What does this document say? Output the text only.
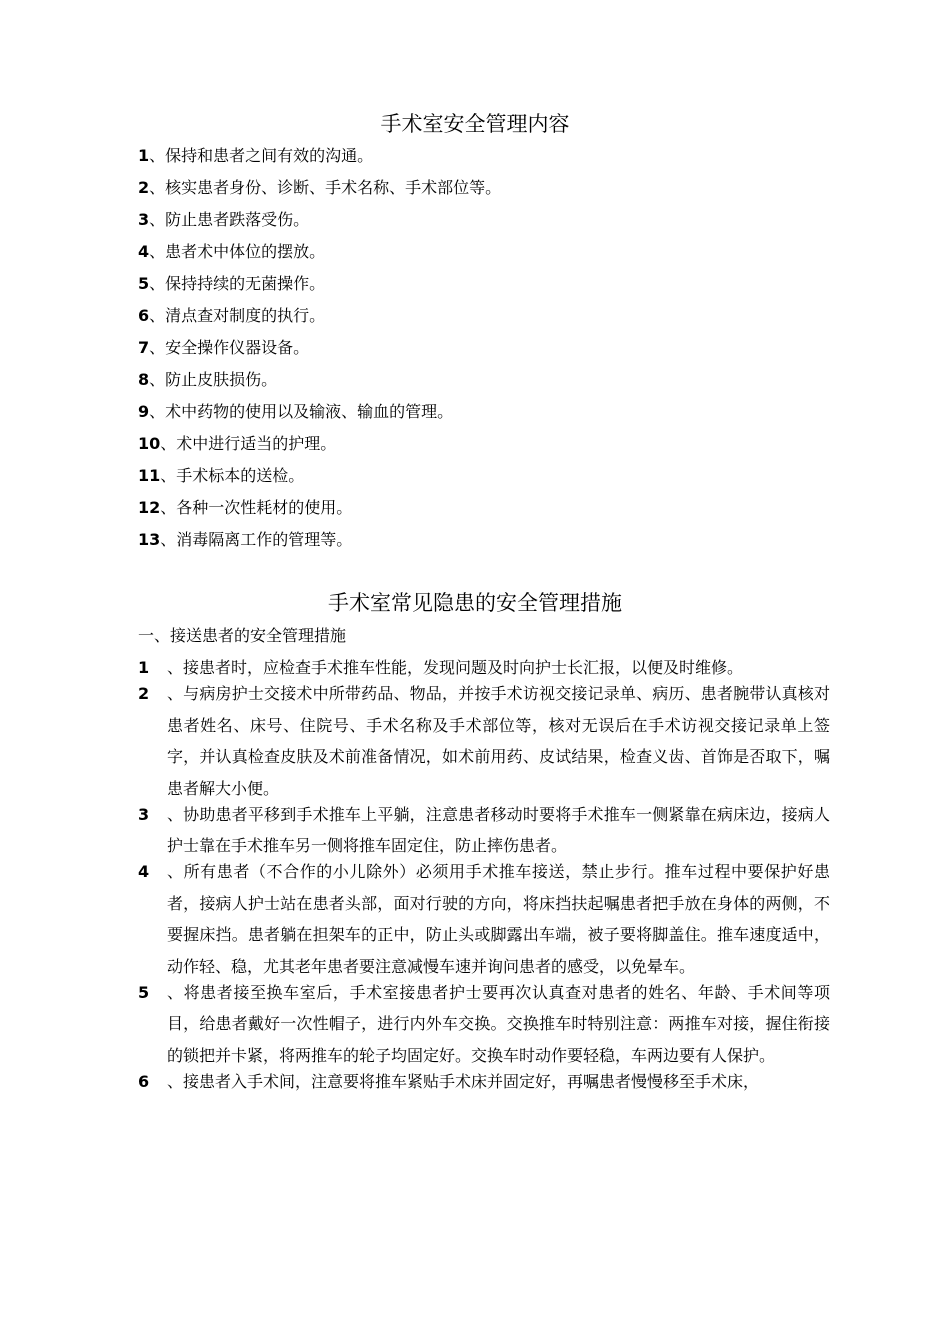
手术室安全管理内容
1、保持和患者之间有效的沟通。
2、核实患者身份、诊断、手术名称、手术部位等。
3、防止患者跌落受伤。
4、患者术中体位的摆放。
5、保持持续的无菌操作。
6、清点查对制度的执行。
7、安全操作仪器设备。
8、防止皮肤损伤。
9、术中药物的使用以及输液、输血的管理。
10、术中进行适当的护理。
11、手术标本的送检。
12、各种一次性耗材的使用。
13、消毒隔离工作的管理等。
手术室常见隐患的安全管理措施
一、接送患者的安全管理措施
1 、接患者时，应检查手术推车性能，发现问题及时向护士长汇报，以便及时维修。
2 、与病房护士交接术中所带药品、物品，并按手术访视交接记录单、病历、患者腕带认真核对患者姓名、床号、住院号、手术名称及手术部位等，核对无误后在手术访视交接记录单上签字，并认真检查皮肤及术前准备情况，如术前用药、皮试结果，检查义齿、首饰是否取下，嘱患者解大小便。
3 、协助患者平移到手术推车上平躺，注意患者移动时要将手术推车一侧紧靠在病床边，接病人护士靠在手术推车另一侧将推车固定住，防止摔伤患者。
4 、所有患者（不合作的小儿除外）必须用手术推车接送，禁止步行。推车过程中要保护好患者，接病人护士站在患者头部，面对行驶的方向，将床挡扶起嘱患者把手放在身体的两侧，不要握床挡。患者躺在担架车的正中，防止头或脚露出车端，被子要将脚盖住。推车速度适中，动作轻、稳，尤其老年患者要注意减慢车速并询问患者的感受，以免晕车。
5 、将患者接至换车室后，手术室接患者护士要再次认真查对患者的姓名、年龄、手术间等项目，给患者戴好一次性帽子，进行内外车交换。交换推车时特别注意：两推车对接，握住衔接的锁把并卡紧，将两推车的轮子均固定好。交换车时动作要轻稳，车两边要有人保护。
6 、接患者入手术间，注意要将推车紧贴手术床并固定好，再嘱患者慢慢移至手术床，
